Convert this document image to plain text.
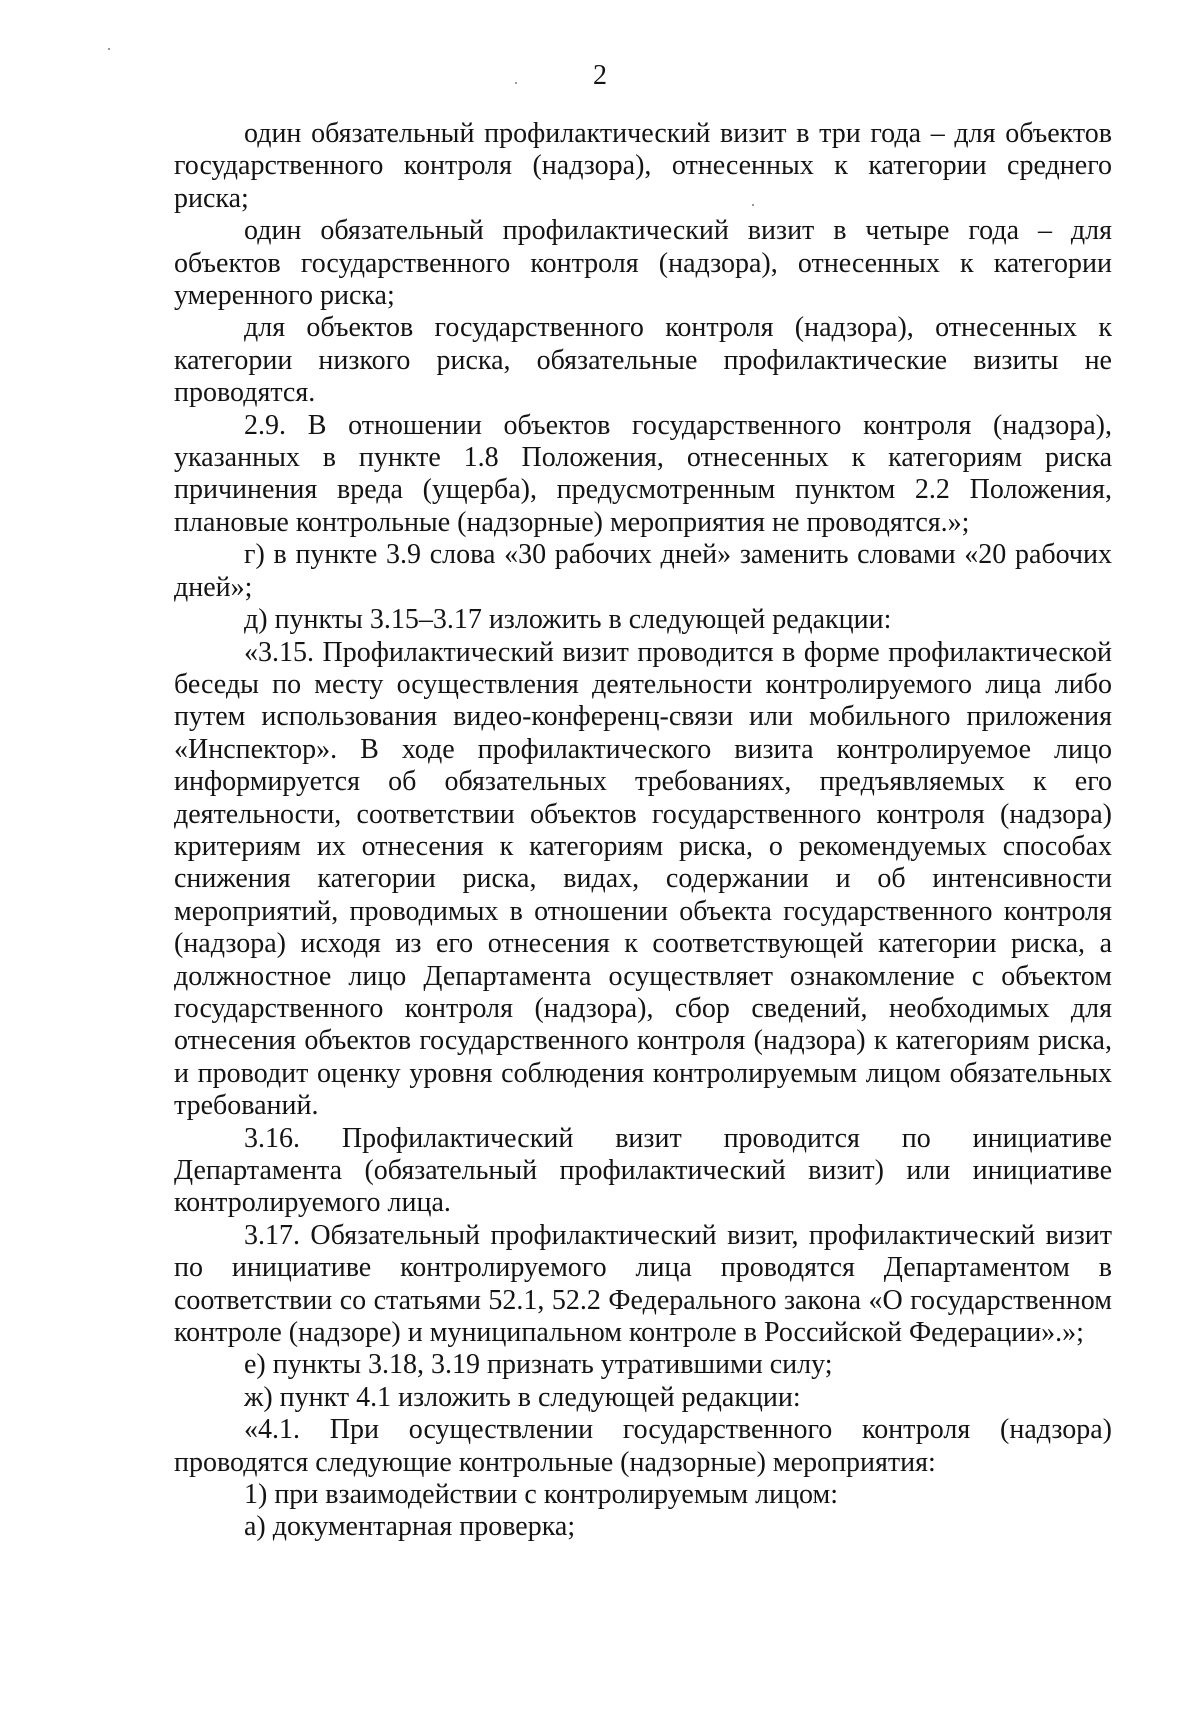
2

один обязательный профилактический визит в три года – для объектов государственного контроля (надзора), отнесенных к категории среднего риска;

один обязательный профилактический визит в четыре года – для объектов государственного контроля (надзора), отнесенных к категории умеренного риска;

для объектов государственного контроля (надзора), отнесенных к категории низкого риска, обязательные профилактические визиты не проводятся.

2.9. В отношении объектов государственного контроля (надзора), указанных в пункте 1.8 Положения, отнесенных к категориям риска причинения вреда (ущерба), предусмотренным пунктом 2.2 Положения, плановые контрольные (надзорные) мероприятия не проводятся.»;

г) в пункте 3.9 слова «30 рабочих дней» заменить словами «20 рабочих дней»;

д) пункты 3.15–3.17 изложить в следующей редакции:

«3.15. Профилактический визит проводится в форме профилактической беседы по месту осуществления деятельности контролируемого лица либо путем использования видео-конференц-связи или мобильного приложения «Инспектор». В ходе профилактического визита контролируемое лицо информируется об обязательных требованиях, предъявляемых к его деятельности, соответствии объектов государственного контроля (надзора) критериям их отнесения к категориям риска, о рекомендуемых способах снижения категории риска, видах, содержании и об интенсивности мероприятий, проводимых в отношении объекта государственного контроля (надзора) исходя из его отнесения к соответствующей категории риска, а должностное лицо Департамента осуществляет ознакомление с объектом государственного контроля (надзора), сбор сведений, необходимых для отнесения объектов государственного контроля (надзора) к категориям риска, и проводит оценку уровня соблюдения контролируемым лицом обязательных требований.

3.16. Профилактический визит проводится по инициативе Департамента (обязательный профилактический визит) или инициативе контролируемого лица.

3.17. Обязательный профилактический визит, профилактический визит по инициативе контролируемого лица проводятся Департаментом в соответствии со статьями 52.1, 52.2 Федерального закона «О государственном контроле (надзоре) и муниципальном контроле в Российской Федерации».»;

е) пункты 3.18, 3.19 признать утратившими силу;

ж) пункт 4.1 изложить в следующей редакции:

«4.1. При осуществлении государственного контроля (надзора) проводятся следующие контрольные (надзорные) мероприятия:

1) при взаимодействии с контролируемым лицом:

а) документарная проверка;
